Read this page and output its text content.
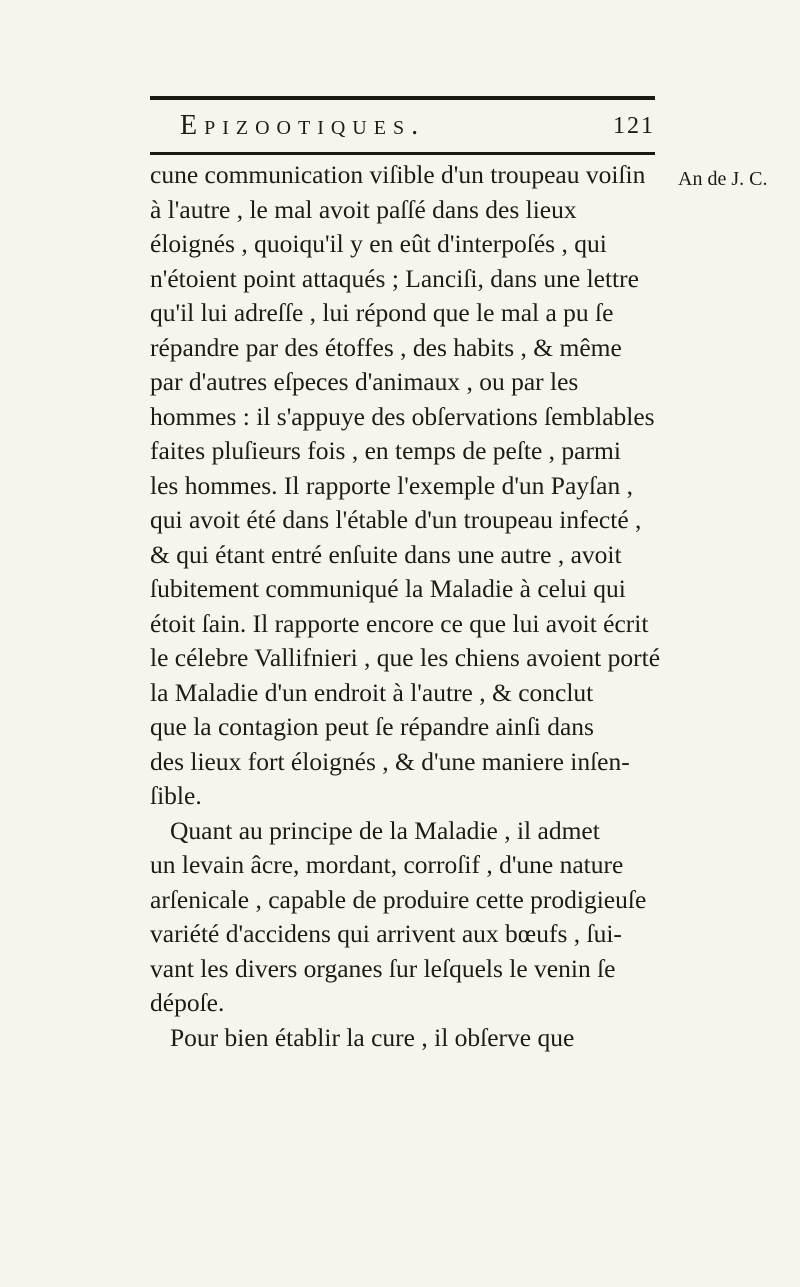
Epizootiques.	121
An de J. C.
cune communication viſible d'un troupeau voiſin
à l'autre , le mal avoit paſſé dans des lieux
éloignés , quoiqu'il y en eût d'interpoſés , qui
n'étoient point attaqués ; Lanciſi, dans une lettre
qu'il lui adreſſe , lui répond que le mal a pu ſe
répandre par des étoffes , des habits , & même
par d'autres eſpeces d'animaux , ou par les
hommes : il s'appuye des obſervations ſemblables
faites pluſieurs fois , en temps de peſte , parmi
les hommes. Il rapporte l'exemple d'un Payſan ,
qui avoit été dans l'étable d'un troupeau infecté ,
& qui étant entré enſuite dans une autre , avoit
ſubitement communiqué la Maladie à celui qui
étoit ſain. Il rapporte encore ce que lui avoit écrit
le célebre Vallifnieri , que les chiens avoient porté
la Maladie d'un endroit à l'autre , & conclut
que la contagion peut ſe répandre ainſi dans
des lieux fort éloignés , & d'une maniere inſen-
ſible.
Quant au principe de la Maladie , il admet
un levain âcre, mordant, corroſif , d'une nature
arſenicale , capable de produire cette prodigieuſe
variété d'accidens qui arrivent aux bœufs , ſui-
vant les divers organes ſur leſquels le venin ſe
dépoſe.
Pour bien établir la cure , il obſerve que
